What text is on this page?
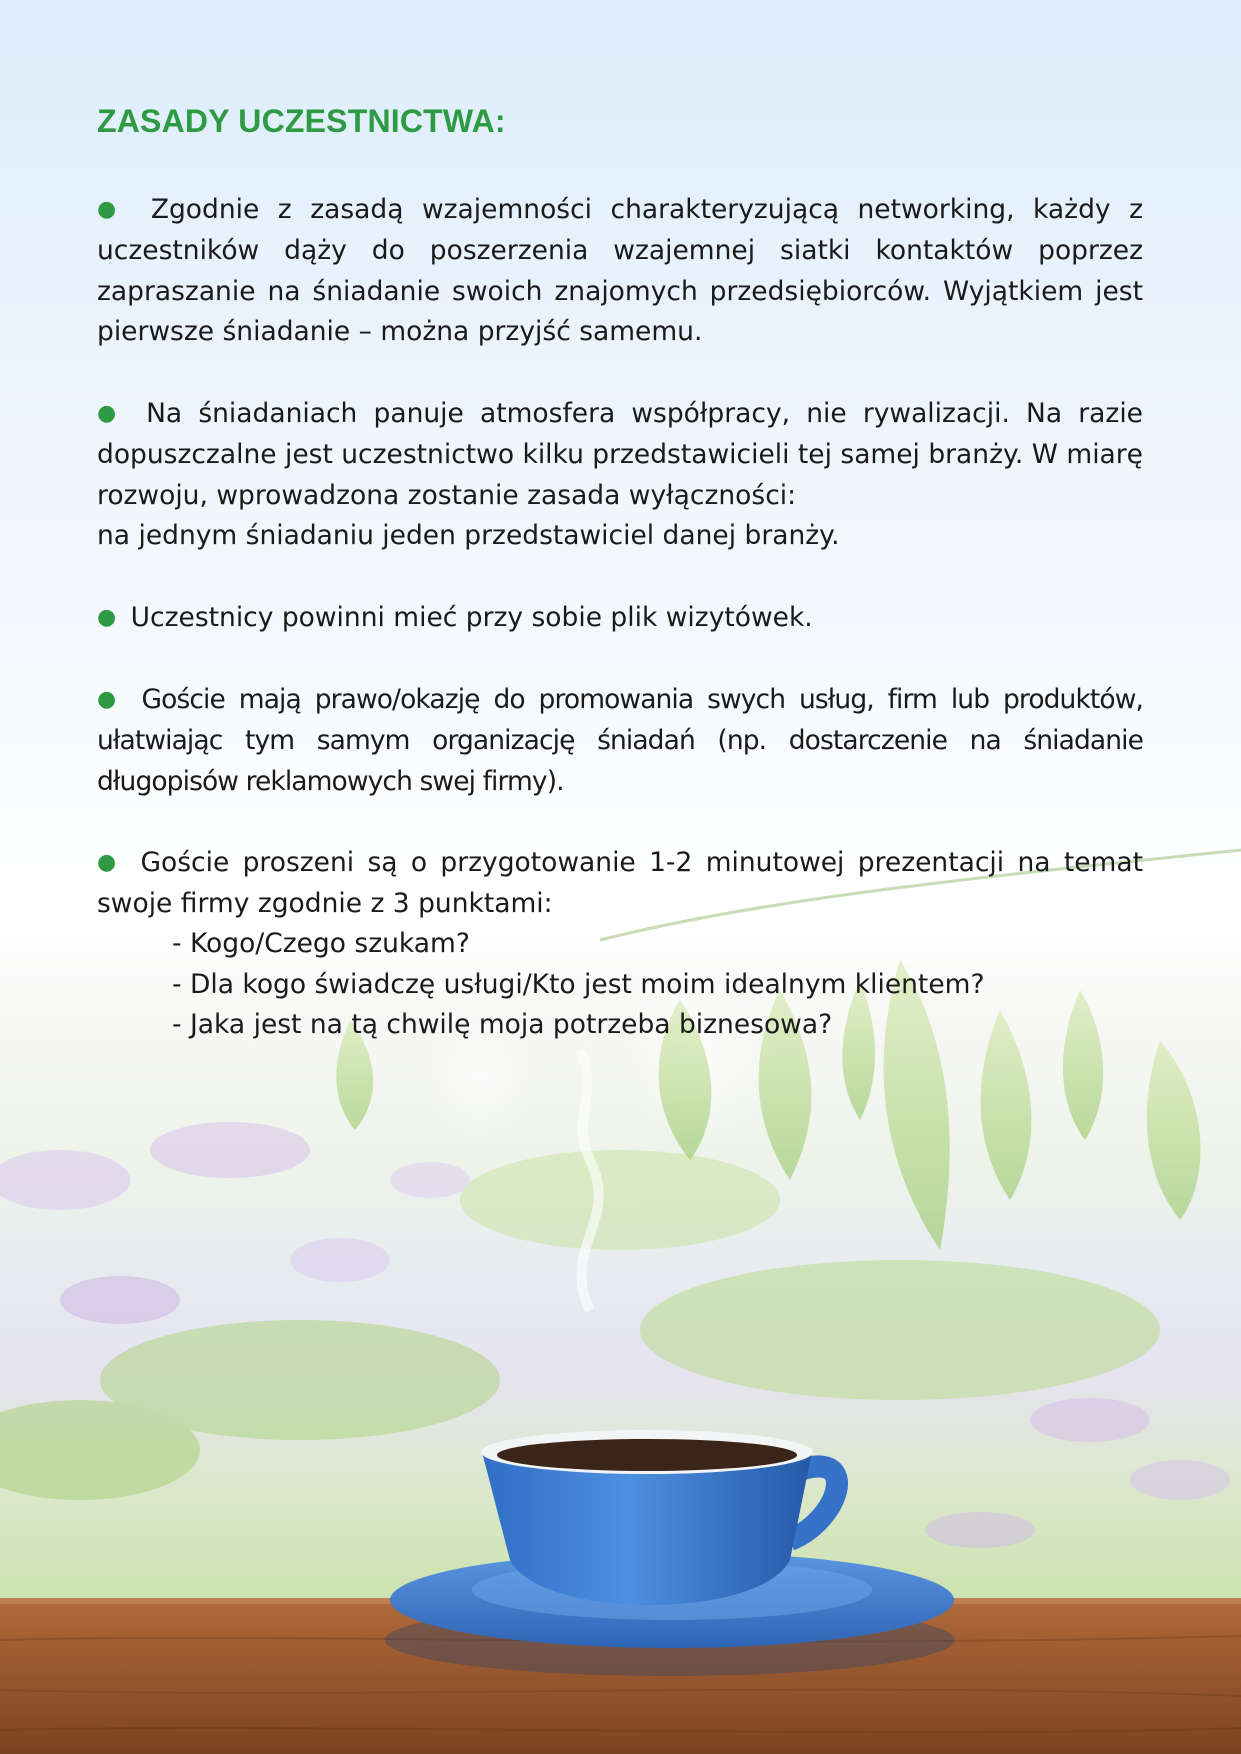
ZASADY UCZESTNICTWA:

● Zgodnie z zasadą wzajemności charakteryzującą networking, każdy z uczestników dąży do poszerzenia wzajemnej siatki kontaktów poprzez zapraszanie na śniadanie swoich znajomych przedsiębiorców. Wyjątkiem jest pierwsze śniadanie – można przyjść samemu.

● Na śniadaniach panuje atmosfera współpracy, nie rywalizacji. Na razie dopuszczalne jest uczestnictwo kilku przedstawicieli tej samej branży. W miarę rozwoju, wprowadzona zostanie zasada wyłączności:
na jednym śniadaniu jeden przedstawiciel danej branży.

● Uczestnicy powinni mieć przy sobie plik wizytówek.

● Goście mają prawo/okazję do promowania swych usług, firm lub produktów, ułatwiając tym samym organizację śniadań (np. dostarczenie na śniadanie długopisów reklamowych swej firmy).

● Goście proszeni są o przygotowanie 1-2 minutowej prezentacji na temat swoje firmy zgodnie z 3 punktami:

- Kogo/Czego szukam?
- Dla kogo świadczę usługi/Kto jest moim idealnym klientem?
- Jaka jest na tą chwilę moja potrzeba biznesowa?
